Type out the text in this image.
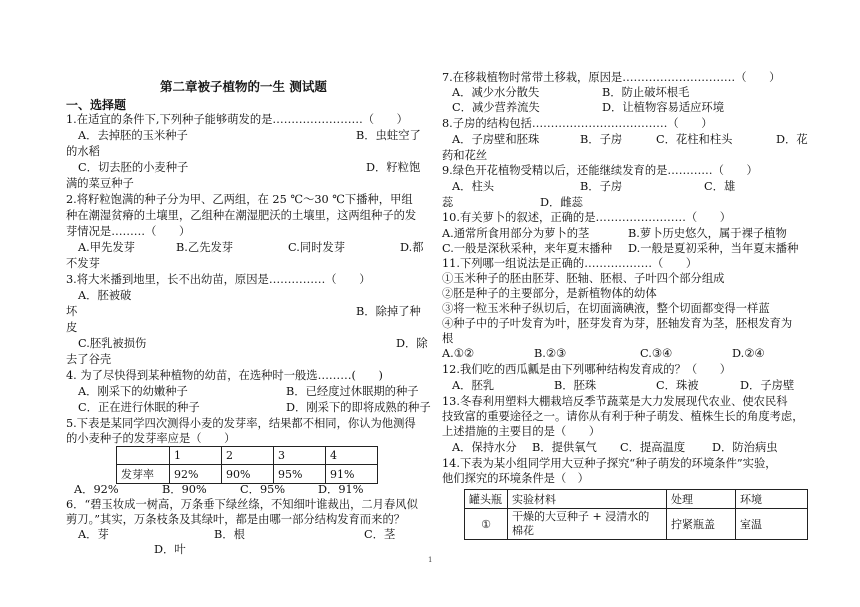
第二章被子植物的一生 测试题
一、选择题
1.在适宜的条件下,下列种子能够萌发的是……………………（　　）
A．去掉胚的玉米种子	B．虫蛀空了
的水稻
C．切去胚的小麦种子	D．籽粒饱
满的菜豆种子
2.将籽粒饱满的种子分为甲、乙两组，在 25 ℃～30 ℃下播种，甲组
种在潮湿贫瘠的土壤里，乙组种在潮湿肥沃的土壤里，这两组种子的发
芽情况是………（　　）
A.甲先发芽	B.乙先发芽	C.同时发芽	D.都
不发芽
3.将大米播到地里，长不出幼苗，原因是……………（　　）
A．胚被破
坏	B．除掉了种
皮
C.胚乳被损伤	D．除
去了谷壳
4. 为了尽快得到某种植物的幼苗，在选种时一般选………(　　)
A．刚采下的幼嫩种子	B．已经度过休眠期的种子
C．正在进行休眠的种子	D．刚采下的即将成熟的种子
5.下表是某同学四次测得小麦的发芽率，结果都不相同，你认为他测得
的小麦种子的发芽率应是（　　）
	1	2	3	4
发芽率	92%	90%	95%	91%
A．92%	B．90%	C．95%	D．91%
6．“碧玉妆成一树高，万条垂下绿丝绦，不知细叶谁裁出，二月春风似
剪刀。”其实，万条枝条及其绿叶，都是由哪一部分结构发育而来的？
A．芽	B．根	C．茎
D．叶
7.在移栽植物时常带土移栽，原因是…………………………（　　）
A．减少水分散失	B．防止破坏根毛
C．减少营养流失	D．让植物容易适应环境
8.子房的结构包括………………………………（　　）
A．子房壁和胚珠	B．子房	C．花柱和柱头	D．花
药和花丝
9.绿色开花植物受精以后，还能继续发育的是…………（　　）
A．柱头	B．子房	C．雄
蕊	D．雌蕊
10.有关萝卜的叙述，正确的是……………………（　　）
A.通常所食用部分为萝卜的茎	B.萝卜历史悠久，属于裸子植物
C.一般是深秋采种，来年夏末播种 D.一般是夏初采种，当年夏末播种
11.下列哪一组说法是正确的………………（　　）
①玉米种子的胚由胚芽、胚轴、胚根、子叶四个部分组成
②胚是种子的主要部分，是新植物体的幼体
③将一粒玉米种子纵切后，在切面滴碘液，整个切面都变得一样蓝
④种子中的子叶发育为叶，胚芽发育为芽，胚轴发育为茎，胚根发育为
根
A.①②	B.②③	C.③④	D.②④
12.我们吃的西瓜瓤是由下列哪种结构发育成的？（　　）
A．胚乳	B．胚珠	C．珠被	D．子房壁
13.冬春利用塑料大棚栽培反季节蔬菜是大力发展现代农业、使农民科
技致富的重要途径之一。请你从有利于种子萌发、植株生长的角度考虑，
上述措施的主要目的是（　　）
A．保持水分 B．提供氧气 C．提高温度 D．防治病虫
14.下表为某小组同学用大豆种子探究“种子萌发的环境条件”实验，
他们探究的环境条件是（　）
罐头瓶	实验材料	处理	环境
①	干燥的大豆种子 + 浸清水的
棉花	拧紧瓶盖	室温
1
